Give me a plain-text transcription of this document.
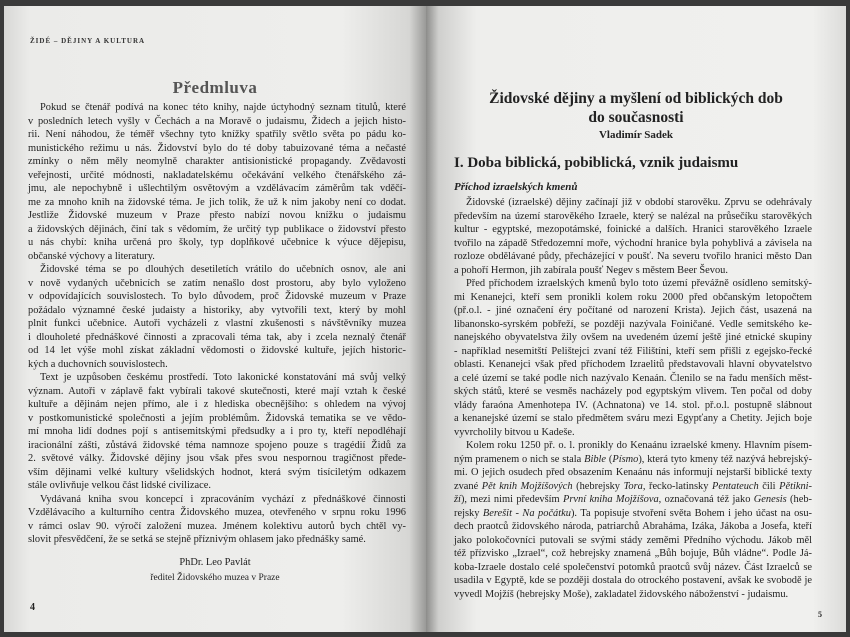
ŽIDÉ – DĚJINY A KULTURA
Předmluva
Pokud se čtenář podívá na konec této knihy, najde úctyhodný seznam titulů, které
v posledních letech vyšly v Čechách a na Moravě o judaismu, Židech a jejich histo-
rii. Není náhodou, že téměř všechny tyto knížky spatřily světlo světa po pádu ko-
munistického režimu u nás. Židovství bylo do té doby tabuizované téma a nečasté
zmínky o něm měly neomylně charakter antisionistické propagandy. Zvědavosti
veřejnosti, určité módnosti, nakladatelskému očekávání velkého čtenářského zá-
jmu, ale nepochybně i ušlechtilým osvětovým a vzdělávacím záměrům tak vděčí-
me za mnoho knih na židovské téma. Je jich tolik, že už k nim jakoby není co dodat.
Jestliže Židovské muzeum v Praze přesto nabízí novou knížku o judaismu
a židovských dějinách, činí tak s vědomím, že určitý typ publikace o židovství přesto
u nás chybí: kniha určená pro školy, typ doplňkové učebnice k výuce dějepisu,
občanské výchovy a literatury.
Židovské téma se po dlouhých desetiletích vrátilo do učebních osnov, ale ani
v nově vydaných učebnicích se zatím nenašlo dost prostoru, aby bylo vyloženo
v odpovídajících souvislostech. To bylo důvodem, proč Židovské muzeum v Praze
požádalo významné české judaisty a historiky, aby vytvořili text, který by mohl
plnit funkci učebnice. Autoři vycházeli z vlastní zkušenosti s návštěvníky muzea
i dlouholeté přednáškové činnosti a zpracovali téma tak, aby i zcela neznalý čtenář
od 14 let výše mohl získat základní vědomosti o židovské kultuře, jejích historic-
kých a duchovních souvislostech.
Text je uzpůsoben českému prostředí. Toto lakonické konstatování má svůj velký
význam. Autoři v záplavě fakt vybírali takové skutečnosti, které mají vztah k české
kultuře a dějinám nejen přímo, ale i z hlediska obecnějšího: s ohledem na vývoj
v postkomunistické společnosti a jejím problémům. Židovská tematika se ve vědo-
mí mnoha lidí dodnes pojí s antisemitskými předsudky a i pro ty, kteří nepodléhají
iracionální zášti, zůstává židovské téma namnoze spojeno pouze s tragédií Židů za
2. světové války. Židovské dějiny jsou však přes svou nespornou tragičnost přede-
vším dějinami velké kultury všelidských hodnot, která svým tisíciletým odkazem
stále ovlivňuje velkou část lidské civilizace.
Vydávaná kniha svou koncepcí i zpracováním vychází z přednáškové činnosti
Vzdělávacího a kulturního centra Židovského muzea, otevřeného v srpnu roku 1996
v rámci oslav 90. výročí založení muzea. Jménem kolektivu autorů bych chtěl vy-
slovit přesvědčení, že se setká se stejně příznivým ohlasem jako přednášky samé.
PhDr. Leo Pavlát
ředitel Židovského muzea v Praze
4
Židovské dějiny a myšlení od biblických dob
do současnosti
Vladimír Sadek
I. Doba biblická, pobiblická, vznik judaismu
Příchod izraelských kmenů
Židovské (izraelské) dějiny začínají již v období starověku. Zprvu se odehrávaly
především na území starověkého Izraele, který se nalézal na průsečíku starověkých
kultur - egyptské, mezopotámské, foinické a dalších. Hranici starověkého Izraele
tvořilo na západě Středozemní moře, východní hranice byla pohyblivá a závisela na
rozloze obdělávané půdy, přecházející v poušť. Na severu tvořilo hranici město Dan
a pohoří Hermon, jih zabírala poušť Negev s městem Beer Ševou.
Před příchodem izraelských kmenů bylo toto území převážně osídleno semitský-
mi Kenanejci, kteří sem pronikli kolem roku 2000 před občanským letopočtem
(př.o.l. - jiné označení éry počítané od narození Krista). Jejich část, usazená na
libanonsko-syrském pobřeží, se později nazývala Foiničané. Vedle semitského ke-
nanejského obyvatelstva žily ovšem na uvedeném území ještě jiné etnické skupiny
- například nesemitští Pelištejci zvaní též Filištíni, kteří sem přišli z egejsko-řecké
oblasti. Kenanejci však před příchodem Izraelitů představovali hlavní obyvatelstvo
a celé území se také podle nich nazývalo Kenaán. Členilo se na řadu menších měst-
ských států, které se vesměs nacházely pod egyptským vlivem. Ten počal od doby
vlády faraóna Amenhotepa IV. (Achnatona) ve 14. stol. př.o.l. postupně slábnout
a kenanejské území se stalo předmětem sváru mezi Egypťany a Chetity. Jejich boje
vyvrcholily bitvou u Kadeše.
Kolem roku 1250 př. o. l. pronikly do Kenaánu izraelské kmeny. Hlavním písem-
ným pramenem o nich se stala Bible (Písmo), která tyto kmeny též nazývá hebrejský-
mi. O jejich osudech před obsazením Kenaánu nás informují nejstarší biblické texty
zvané Pět knih Mojžíšových (hebrejsky Tora, řecko-latinsky Pentateuch čili Pětikni-
ží), mezi nimi především První kniha Mojžíšova, označovaná též jako Genesis (heb-
rejsky Berešit - Na počátku). Ta popisuje stvoření světa Bohem i jeho účast na osu-
dech praotců židovského národa, patriarchů Abraháma, Izáka, Jákoba a Josefa, kteří
jako polokočovníci putovali se svými stády zeměmi Předního východu. Jákob měl
též přízvisko „Izrael“, což hebrejsky znamená „Bůh bojuje, Bůh vládne“. Podle Já-
koba-Izraele dostalo celé společenství potomků praotců svůj název. Část Izraelců se
usadila v Egyptě, kde se později dostala do otrockého postavení, avšak ke svobodě je
vyvedl Mojžíš (hebrejsky Moše), zakladatel židovského náboženství - judaismu.
5
